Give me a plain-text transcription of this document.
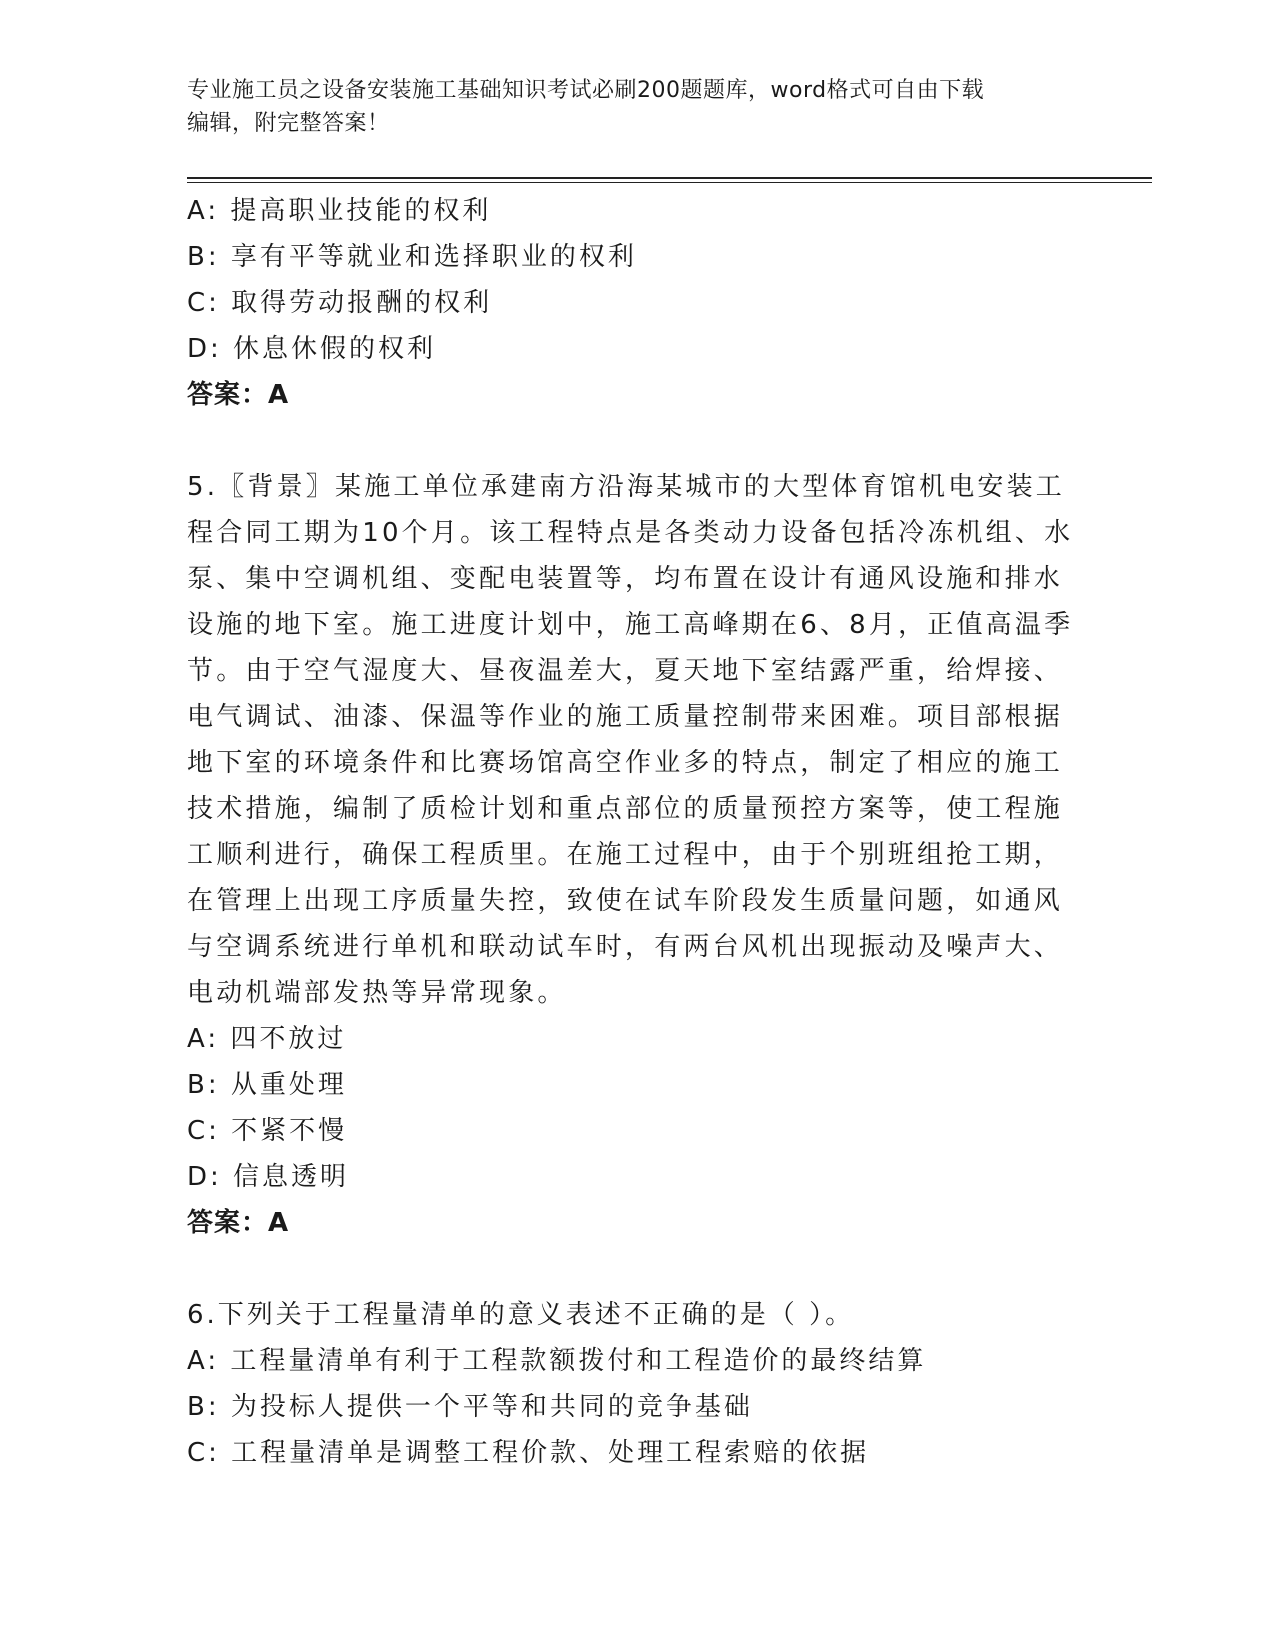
专业施工员之设备安装施工基础知识考试必刷200题题库，word格式可自由下载
编辑，附完整答案！
A: 提高职业技能的权利
B: 享有平等就业和选择职业的权利
C: 取得劳动报酬的权利
D: 休息休假的权利
答案：A
5.〖背景〗某施工单位承建南方沿海某城市的大型体育馆机电安装工
程合同工期为10个月。该工程特点是各类动力设备包括冷冻机组、水
泵、集中空调机组、变配电装置等，均布置在设计有通风设施和排水
设施的地下室。施工进度计划中，施工高峰期在6、8月，正值高温季
节。由于空气湿度大、昼夜温差大，夏天地下室结露严重，给焊接、
电气调试、油漆、保温等作业的施工质量控制带来困难。项目部根据
地下室的环境条件和比赛场馆高空作业多的特点，制定了相应的施工
技术措施，编制了质检计划和重点部位的质量预控方案等，使工程施
工顺利进行，确保工程质里。在施工过程中，由于个别班组抢工期，
在管理上出现工序质量失控，致使在试车阶段发生质量问题，如通风
与空调系统进行单机和联动试车时，有两台风机出现振动及噪声大、
电动机端部发热等异常现象。
A: 四不放过
B: 从重处理
C: 不紧不慢
D: 信息透明
答案：A
6.下列关于工程量清单的意义表述不正确的是（ ）。
A: 工程量清单有利于工程款额拨付和工程造价的最终结算
B: 为投标人提供一个平等和共同的竞争基础
C: 工程量清单是调整工程价款、处理工程索赔的依据
